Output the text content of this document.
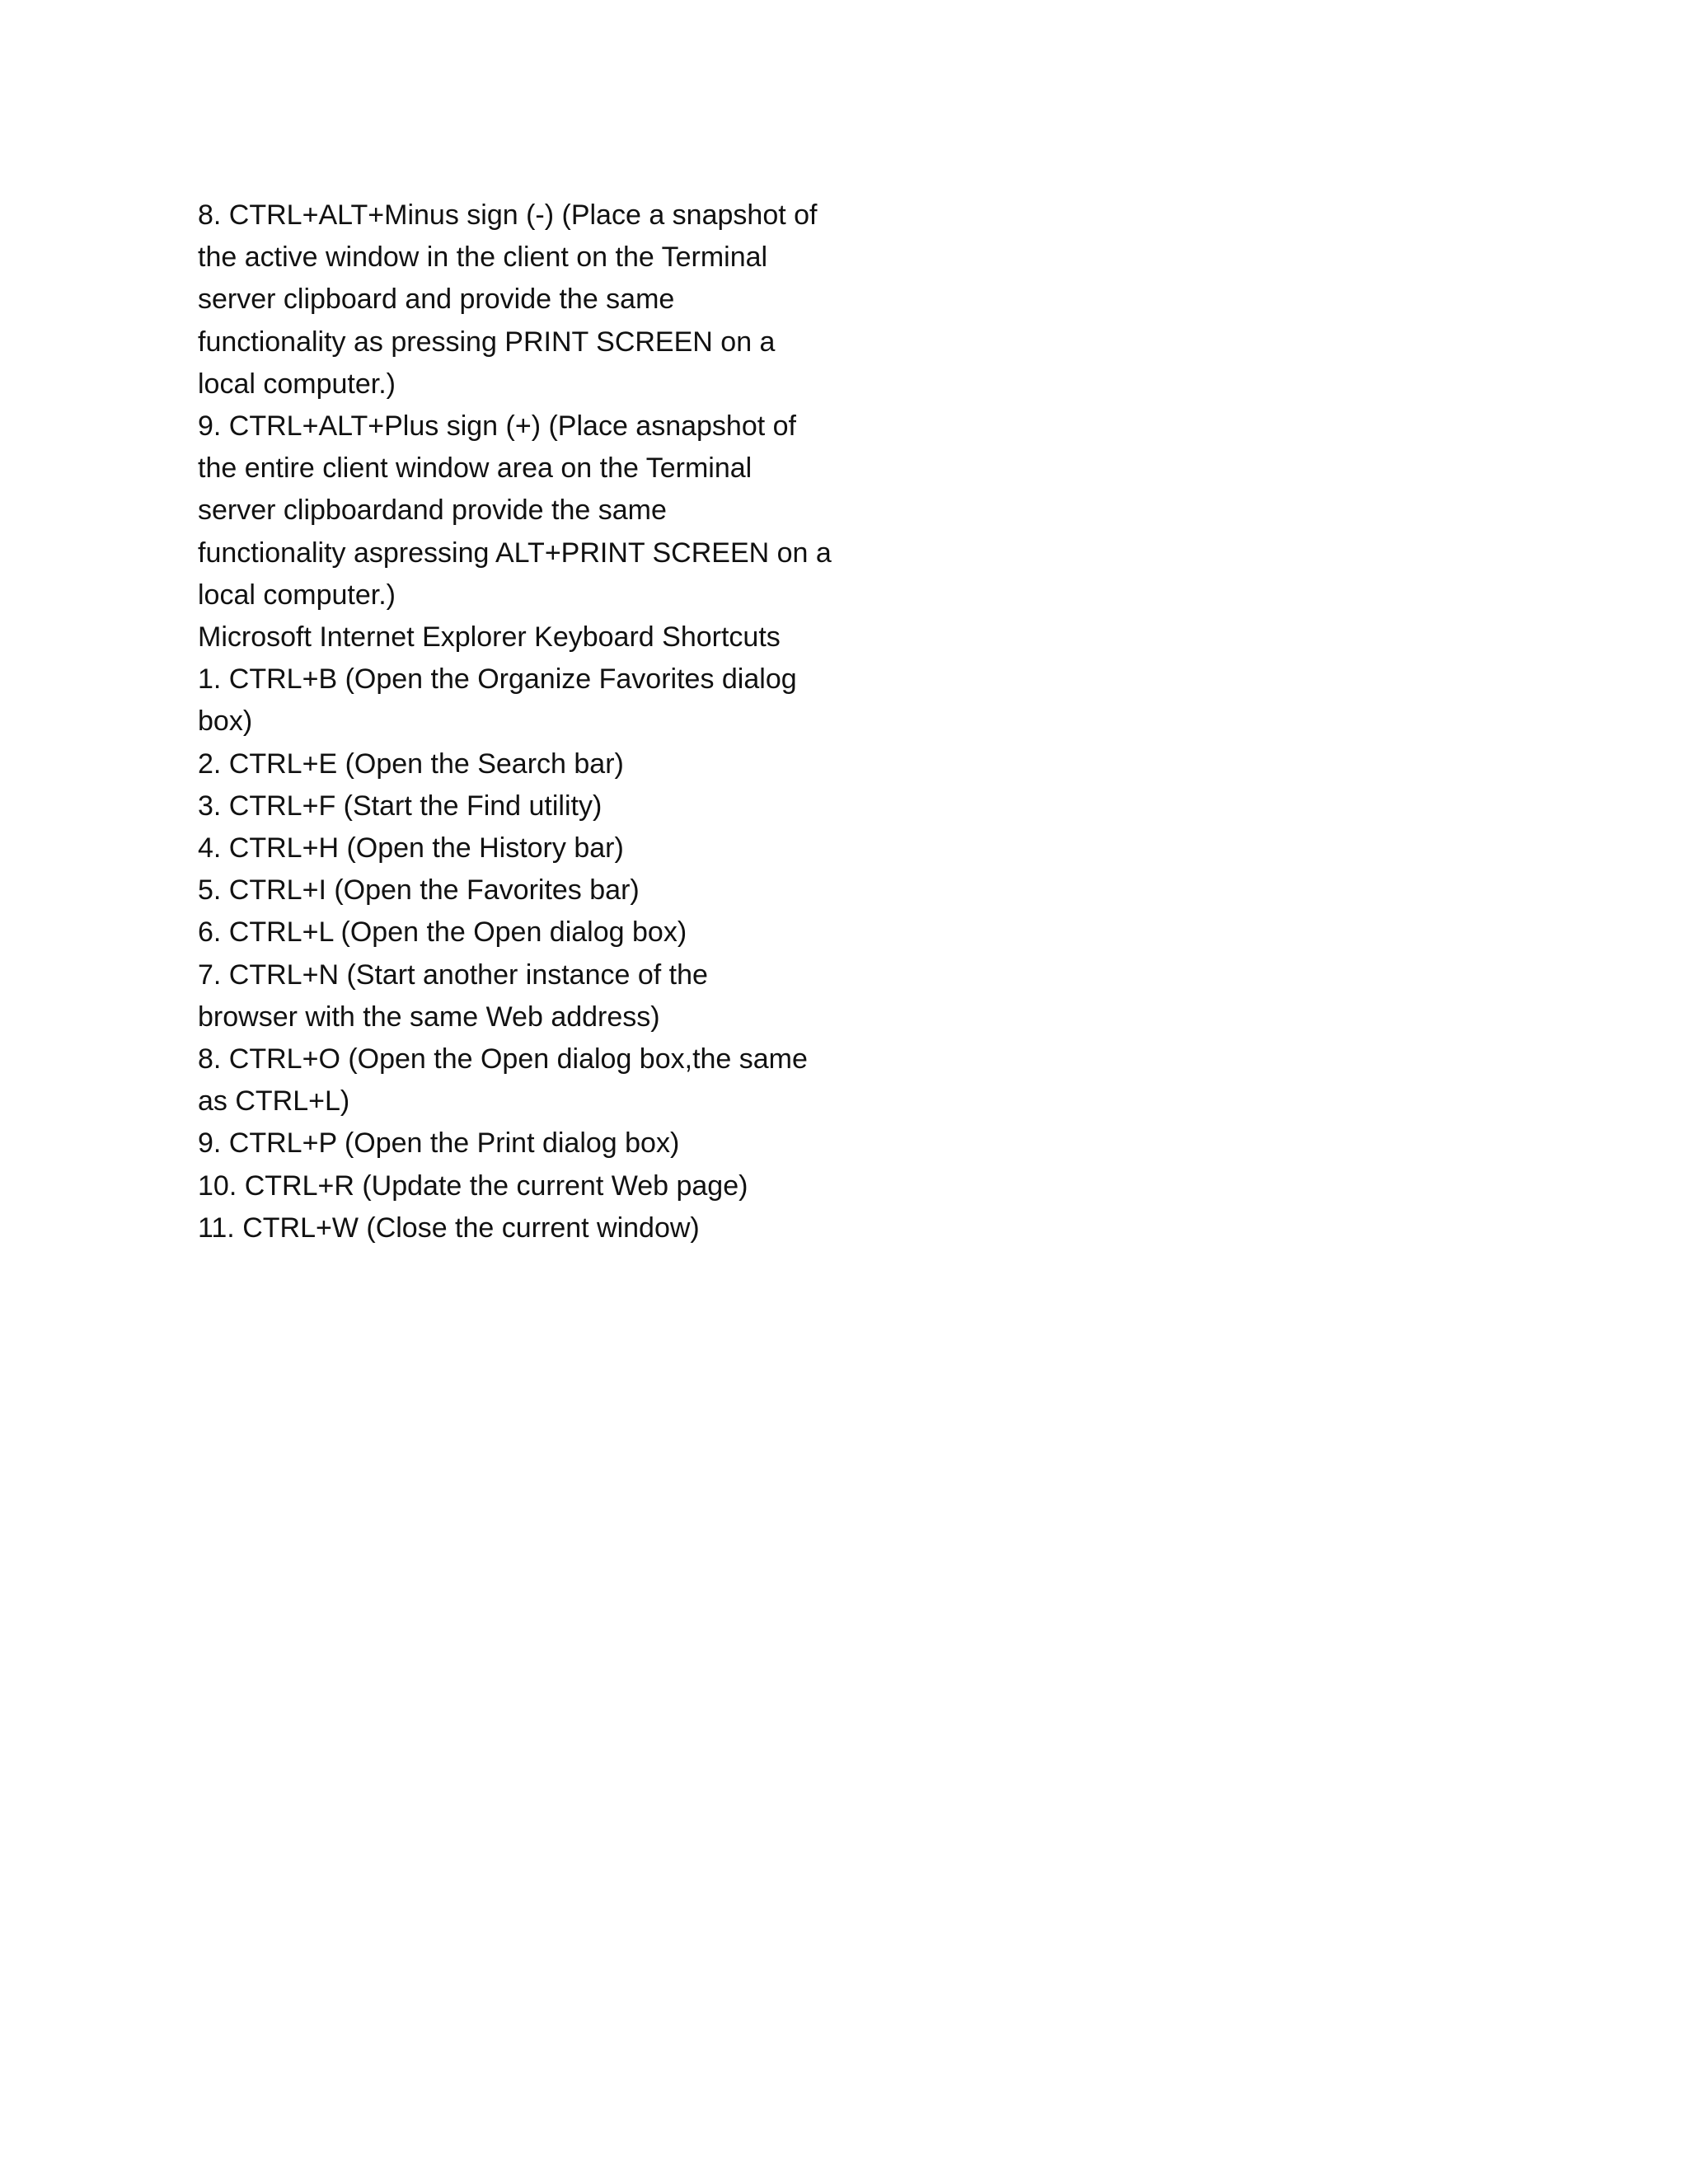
8. CTRL+ALT+Minus sign (-) (Place a snapshot of
the active window in the client on the Terminal
server clipboard and provide the same
functionality as pressing PRINT SCREEN on a
local computer.)
9. CTRL+ALT+Plus sign (+) (Place asnapshot of
the entire client window area on the Terminal
server clipboardand provide the same
functionality aspressing ALT+PRINT SCREEN on a
local computer.)
Microsoft Internet Explorer Keyboard Shortcuts
1. CTRL+B (Open the Organize Favorites dialog
box)
2. CTRL+E (Open the Search bar)
3. CTRL+F (Start the Find utility)
4. CTRL+H (Open the History bar)
5. CTRL+I (Open the Favorites bar)
6. CTRL+L (Open the Open dialog box)
7. CTRL+N (Start another instance of the
browser with the same Web address)
8. CTRL+O (Open the Open dialog box,the same
as CTRL+L)
9. CTRL+P (Open the Print dialog box)
10. CTRL+R (Update the current Web page)
11. CTRL+W (Close the current window)
